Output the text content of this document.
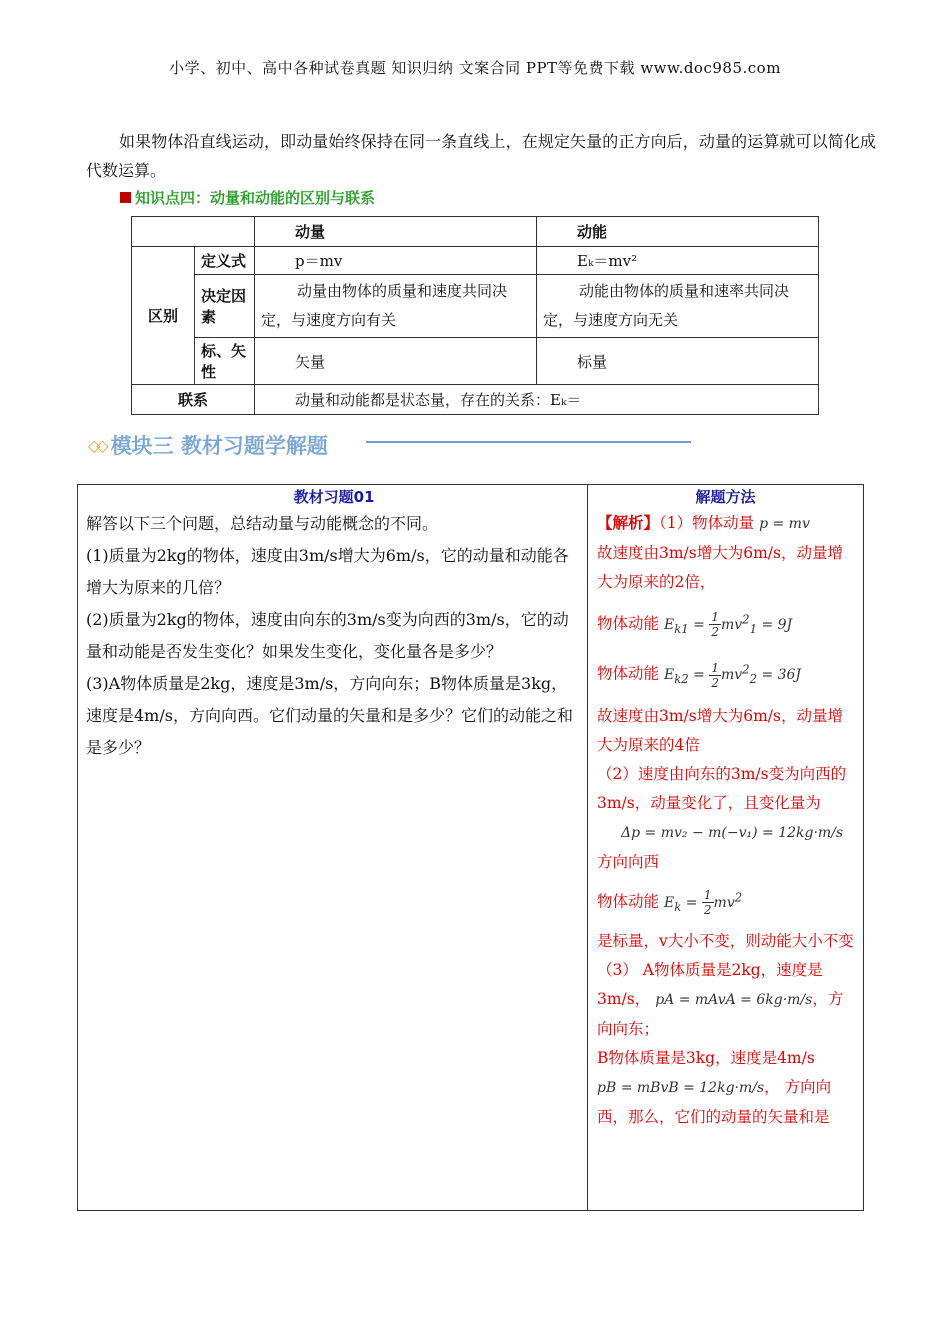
小学、初中、高中各种试卷真题 知识归纳 文案合同 PPT等免费下载 www.doc985.com
如果物体沿直线运动，即动量始终保持在同一条直线上，在规定矢量的正方向后，动量的运算就可以简化成代数运算。
知识点四：动量和动能的区别与联系
		动量	动能
区别	定义式	p＝mv	Eₖ＝mv²
	决定因素	动量由物体的质量和速度共同决定，与速度方向有关	动能由物体的质量和速率共同决定，与速度方向无关
	标、矢性	矢量	标量
联系		动量和动能都是状态量，存在的关系：Eₖ＝	
◇◇ 模块三 教材习题学解题
教材习题01
解答以下三个问题，总结动量与动能概念的不同。
(1)质量为2kg的物体，速度由3m/s增大为6m/s，它的动量和动能各增大为原来的几倍？
(2)质量为2kg的物体，速度由向东的3m/s变为向西的3m/s，它的动量和动能是否发生变化？如果发生变化，变化量各是多少？
(3)A物体质量是2kg，速度是3m/s，方向向东；B物体质量是3kg，速度是4m/s，方向向西。它们动量的矢量和是多少？它们的动能之和是多少？
解题方法
【解析】（1）物体动量 p = mv
故速度由3m/s增大为6m/s，动量增大为原来的2倍，
物体动能 $E_{k1} = \frac{1}{2} mv^2_1 = 9J$
物体动能 $E_{k2} = \frac{1}{2} mv^2_2 = 36J$
故速度由3m/s增大为6m/s，动量增大为原来的4倍
（2）速度由向东的3m/s变为向西的3m/s，动量变化了，且变化量为
Δp = mv₂ − m(−v₁) = 12kg·m/s
方向向西
物体动能 $E_k = \frac{1}{2} mv^2$
是标量，v大小不变，则动能大小不变
（3） A物体质量是2kg，速度是3m/s， pA = mAvA = 6kg·m/s，方向向东；
B物体质量是3kg，速度是4m/s
pB = mBvB = 12kg·m/s， 方向向西，那么，它们的动量的矢量和是
